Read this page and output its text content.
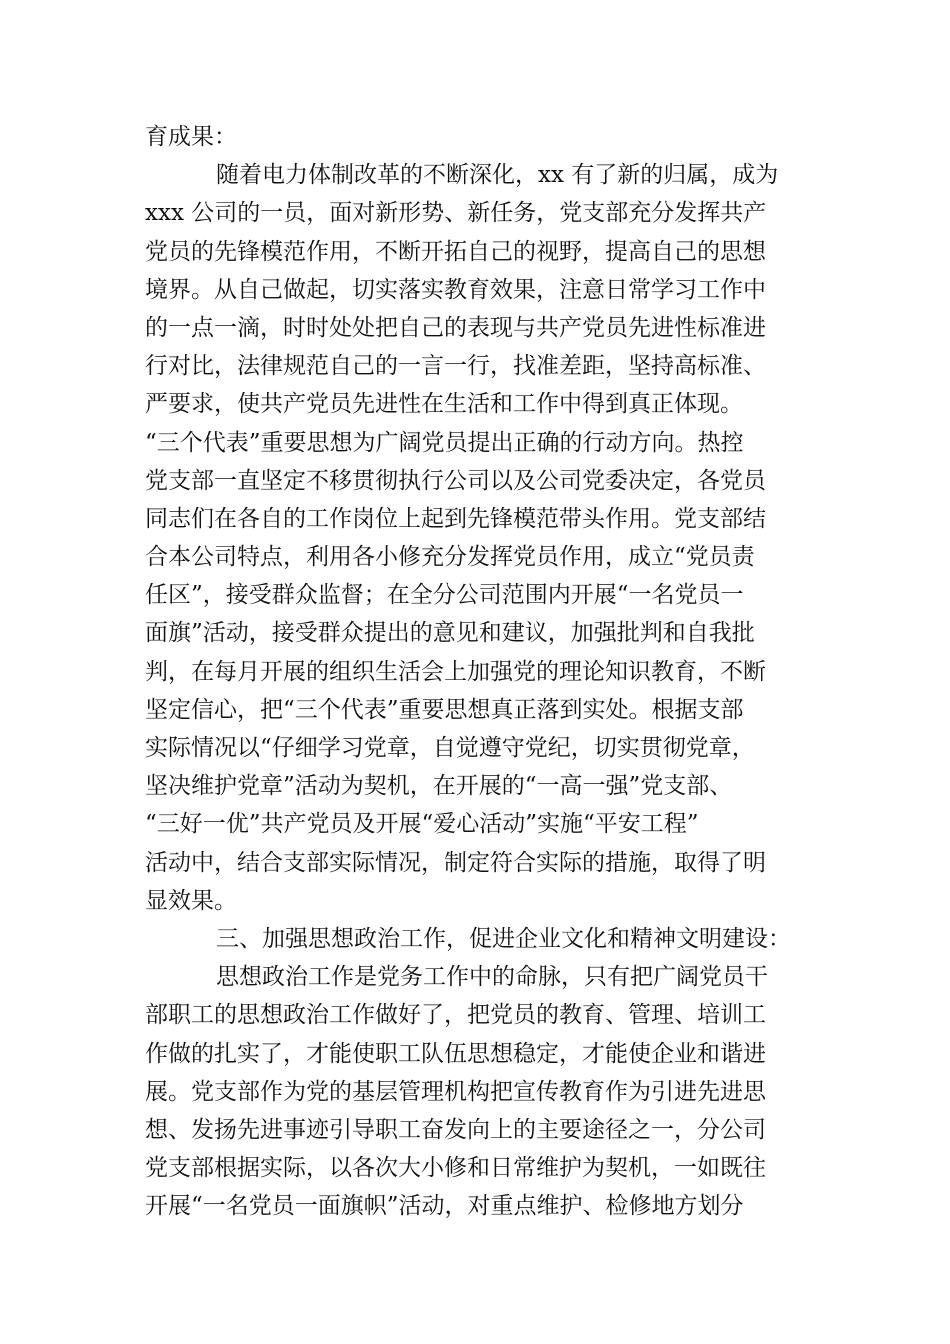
育成果：
随着电力体制改革的不断深化，xx 有了新的归属，成为
xxx 公司的一员，面对新形势、新任务，党支部充分发挥共产
党员的先锋模范作用，不断开拓自己的视野，提高自己的思想
境界。从自己做起，切实落实教育效果，注意日常学习工作中
的一点一滴，时时处处把自己的表现与共产党员先进性标准进
行对比，法律规范自己的一言一行，找准差距，坚持高标准、
严要求，使共产党员先进性在生活和工作中得到真正体现。
“三个代表”重要思想为广阔党员提出正确的行动方向。热控
党支部一直坚定不移贯彻执行公司以及公司党委决定，各党员
同志们在各自的工作岗位上起到先锋模范带头作用。党支部结
合本公司特点，利用各小修充分发挥党员作用，成立“党员责
任区”，接受群众监督；在全分公司范围内开展“一名党员一
面旗”活动，接受群众提出的意见和建议，加强批判和自我批
判，在每月开展的组织生活会上加强党的理论知识教育，不断
坚定信心，把“三个代表”重要思想真正落到实处。根据支部
实际情况以“仔细学习党章，自觉遵守党纪，切实贯彻党章，
坚决维护党章”活动为契机，在开展的“一高一强”党支部、
“三好一优”共产党员及开展“爱心活动”实施“平安工程”
活动中，结合支部实际情况，制定符合实际的措施，取得了明
显效果。
三、加强思想政治工作，促进企业文化和精神文明建设：
思想政治工作是党务工作中的命脉，只有把广阔党员干
部职工的思想政治工作做好了，把党员的教育、管理、培训工
作做的扎实了，才能使职工队伍思想稳定，才能使企业和谐进
展。党支部作为党的基层管理机构把宣传教育作为引进先进思
想、发扬先进事迹引导职工奋发向上的主要途径之一，分公司
党支部根据实际，以各次大小修和日常维护为契机，一如既往
开展“一名党员一面旗帜”活动，对重点维护、检修地方划分
